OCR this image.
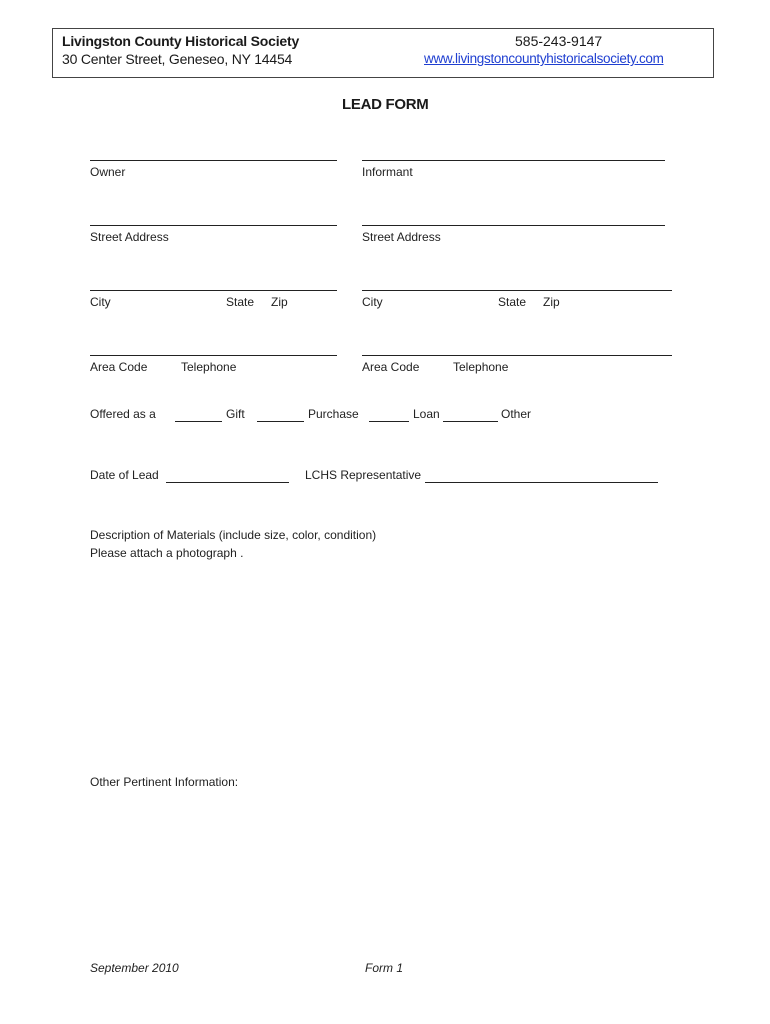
Livingston County Historical Society
30 Center Street, Geneseo, NY 14454
585-243-9147
www.livingstoncountyhistoricalsociety.com
LEAD FORM
Owner	Informant
Street Address	Street Address
City	State Zip	City	State Zip
Area Code	Telephone	Area Code	Telephone
Offered as a	Gift	Purchase	Loan	Other
Date of Lead	LCHS Representative
Description of Materials (include size, color, condition)
Please attach a photograph .
Other Pertinent Information:
September 2010	Form 1
